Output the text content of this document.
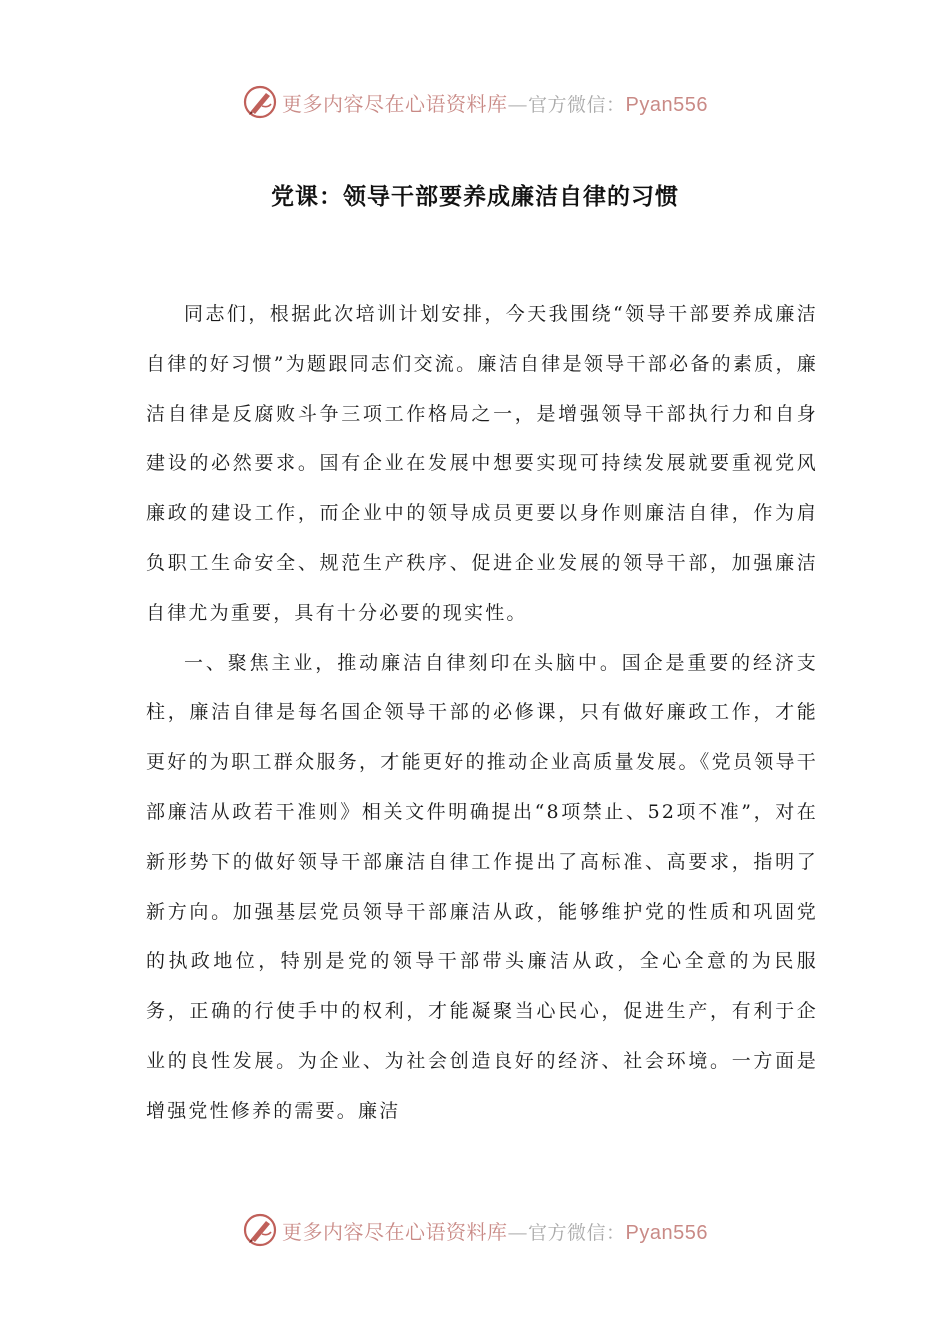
更多内容尽在心语资料库—官方微信：Pyan556
党课：领导干部要养成廉洁自律的习惯

同志们，根据此次培训计划安排，今天我围绕“领导干部要养成廉洁自律的好习惯”为题跟同志们交流。廉洁自律是领导干部必备的素质，廉洁自律是反腐败斗争三项工作格局之一，是增强领导干部执行力和自身建设的必然要求。国有企业在发展中想要实现可持续发展就要重视党风廉政的建设工作，而企业中的领导成员更要以身作则廉洁自律，作为肩负职工生命安全、规范生产秩序、促进企业发展的领导干部，加强廉洁自律尤为重要，具有十分必要的现实性。

一、聚焦主业，推动廉洁自律刻印在头脑中。国企是重要的经济支柱，廉洁自律是每名国企领导干部的必修课，只有做好廉政工作，才能更好的为职工群众服务，才能更好的推动企业高质量发展。《党员领导干部廉洁从政若干准则》相关文件明确提出“8项禁止、52项不准”，对在新形势下的做好领导干部廉洁自律工作提出了高标准、高要求，指明了新方向。加强基层党员领导干部廉洁从政，能够维护党的性质和巩固党的执政地位，特别是党的领导干部带头廉洁从政，全心全意的为民服务，正确的行使手中的权利，才能凝聚当心民心，促进生产，有利于企业的良性发展。为企业、为社会创造良好的经济、社会环境。一方面是增强党性修养的需要。廉洁

更多内容尽在心语资料库—官方微信：Pyan556
